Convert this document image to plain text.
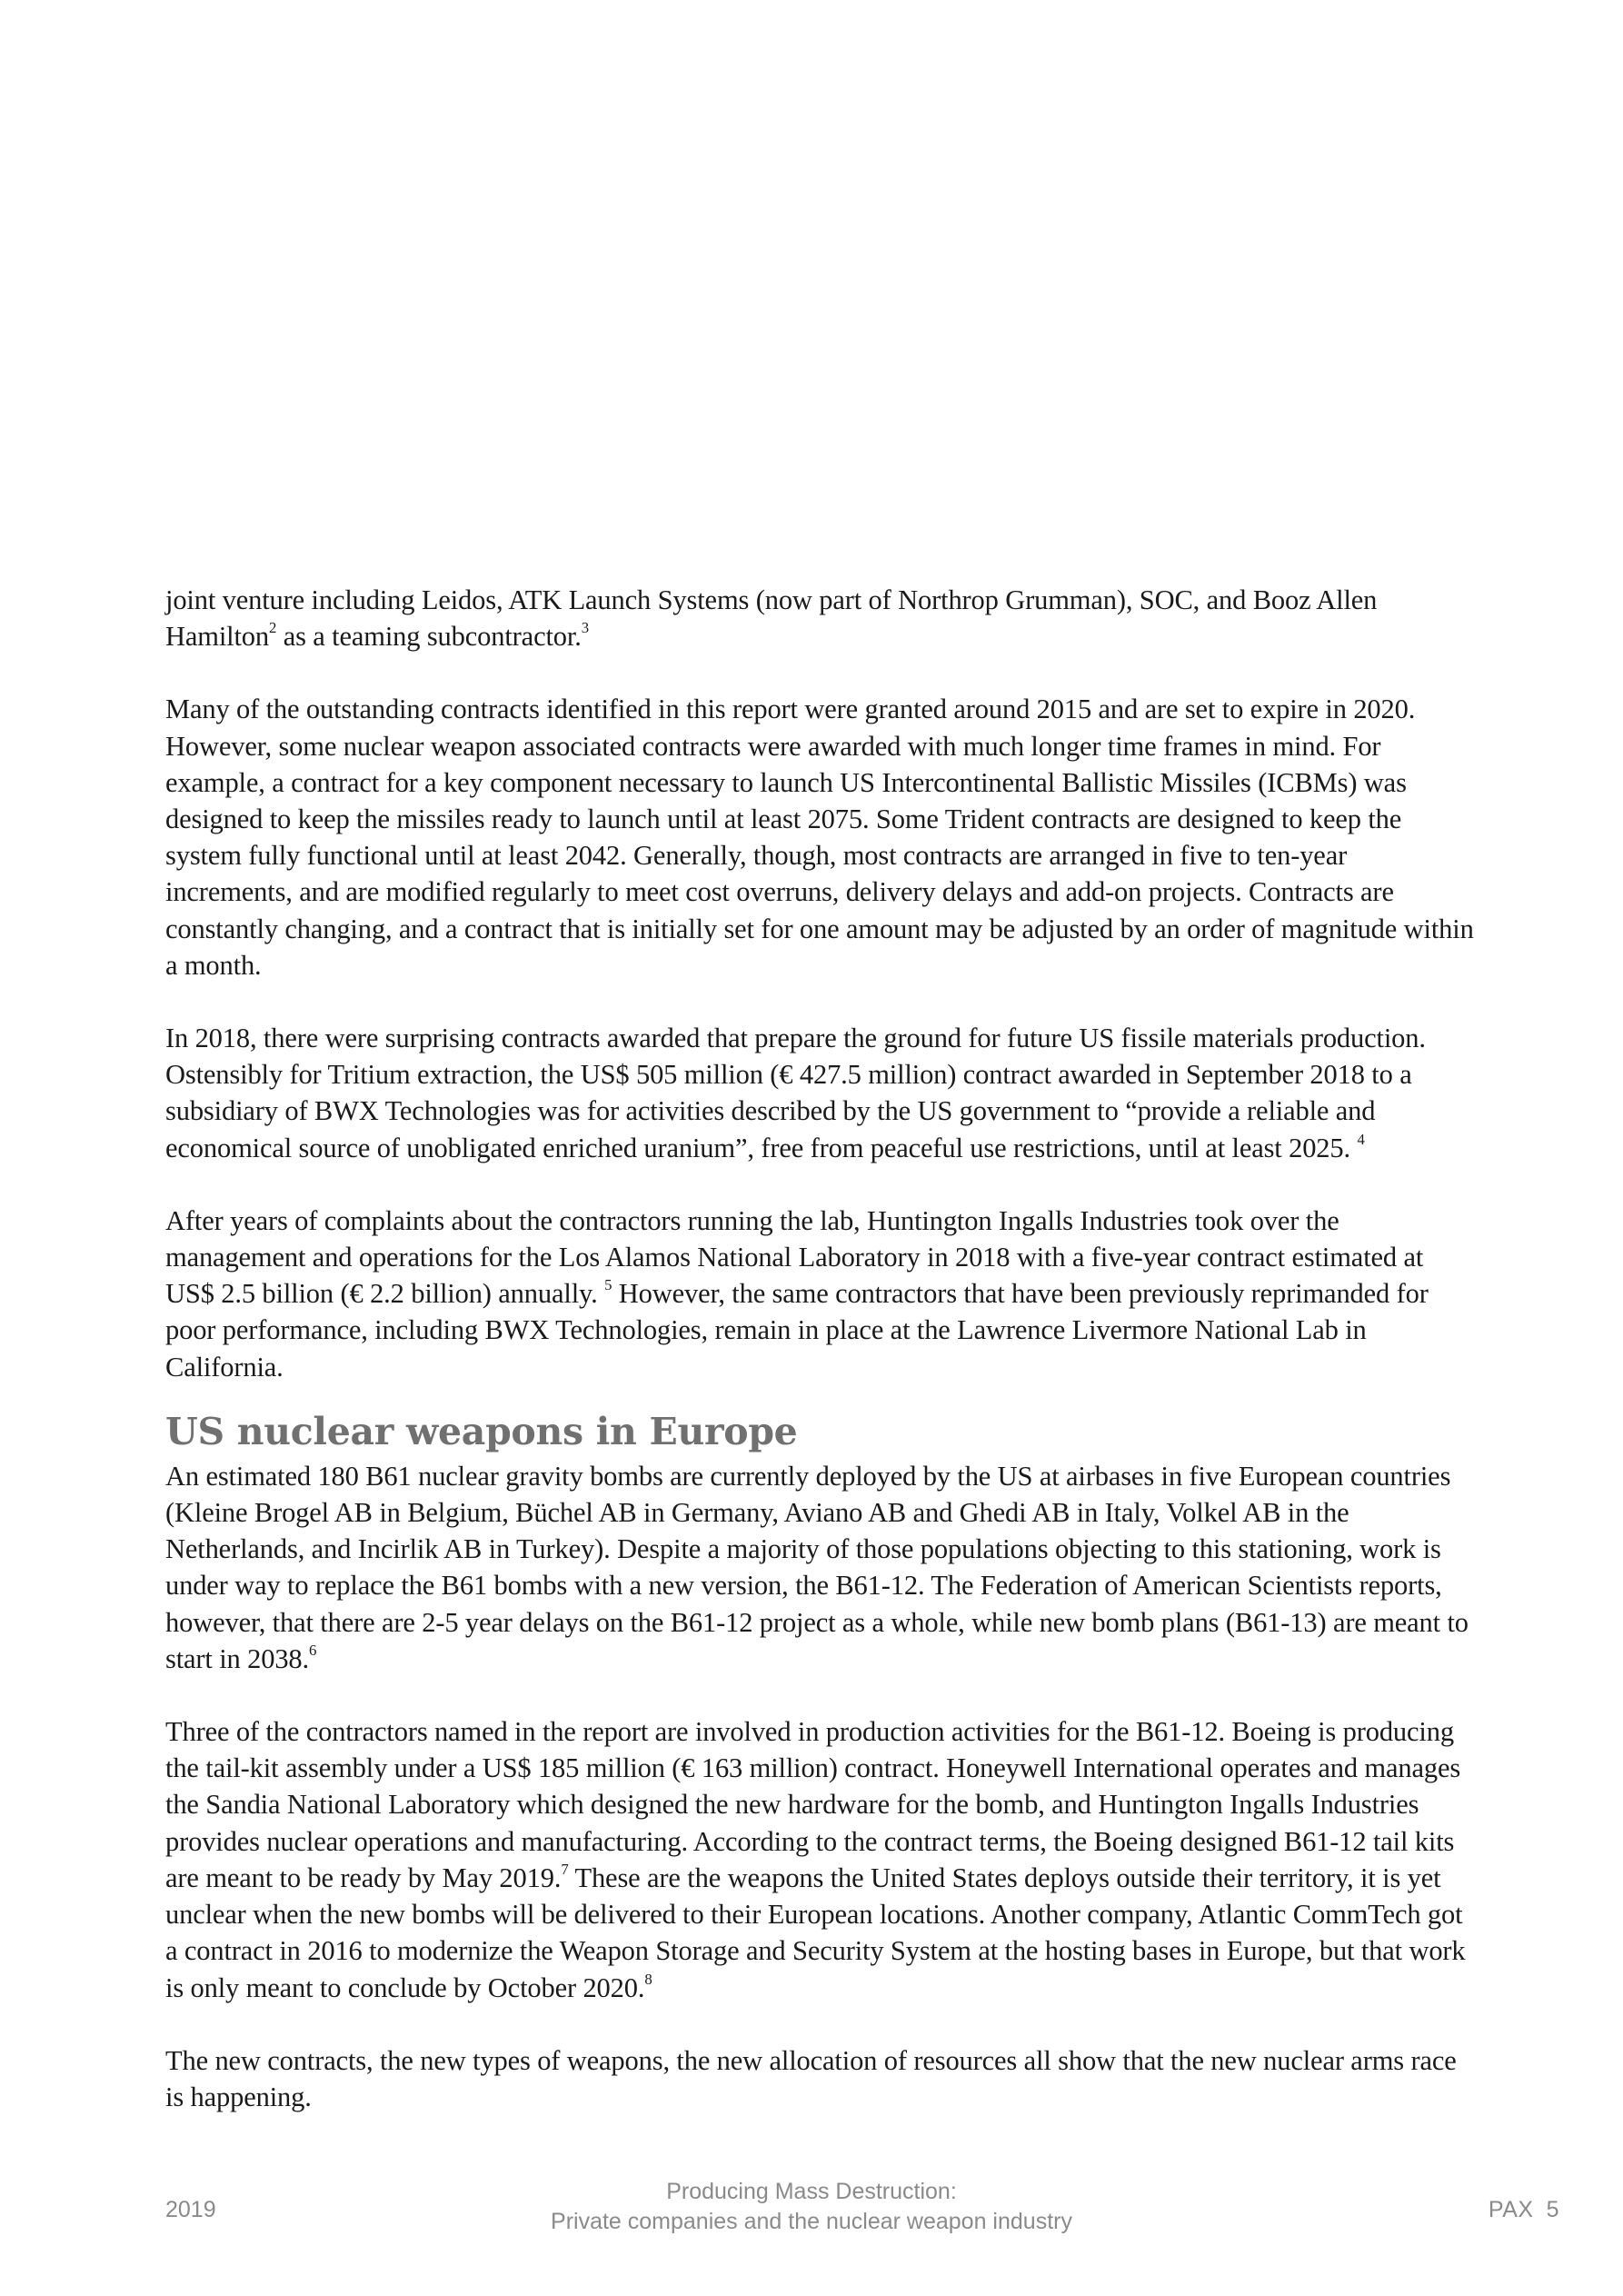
joint venture including Leidos, ATK Launch Systems (now part of Northrop Grumman), SOC, and Booz Allen Hamilton$^2$ as a teaming subcontractor.$^3$

Many of the outstanding contracts identified in this report were granted around 2015 and are set to expire in 2020. However, some nuclear weapon associated contracts were awarded with much longer time frames in mind. For example, a contract for a key component necessary to launch US Intercontinental Ballistic Missiles (ICBMs) was designed to keep the missiles ready to launch until at least 2075. Some Trident contracts are designed to keep the system fully functional until at least 2042. Generally, though, most contracts are arranged in five to ten-year increments, and are modified regularly to meet cost overruns, delivery delays and add-on projects. Contracts are constantly changing, and a contract that is initially set for one amount may be adjusted by an order of magnitude within a month.

In 2018, there were surprising contracts awarded that prepare the ground for future US fissile materials production. Ostensibly for Tritium extraction, the US$ 505 million (€ 427.5 million) contract awarded in September 2018 to a subsidiary of BWX Technologies was for activities described by the US government to “provide a reliable and economical source of unobligated enriched uranium”, free from peaceful use restrictions, until at least 2025. $^4$

After years of complaints about the contractors running the lab, Huntington Ingalls Industries took over the management and operations for the Los Alamos National Laboratory in 2018 with a five-year contract estimated at US$ 2.5 billion (€ 2.2 billion) annually. $^5$ However, the same contractors that have been previously reprimanded for poor performance, including BWX Technologies, remain in place at the Lawrence Livermore National Lab in California.

US nuclear weapons in Europe

An estimated 180 B61 nuclear gravity bombs are currently deployed by the US at airbases in five European countries (Kleine Brogel AB in Belgium, Büchel AB in Germany, Aviano AB and Ghedi AB in Italy, Volkel AB in the Netherlands, and Incirlik AB in Turkey). Despite a majority of those populations objecting to this stationing, work is under way to replace the B61 bombs with a new version, the B61-12. The Federation of American Scientists reports, however, that there are 2-5 year delays on the B61-12 project as a whole, while new bomb plans (B61-13) are meant to start in 2038.$^6$

Three of the contractors named in the report are involved in production activities for the B61-12. Boeing is producing the tail-kit assembly under a US$ 185 million (€ 163 million) contract. Honeywell International operates and manages the Sandia National Laboratory which designed the new hardware for the bomb, and Huntington Ingalls Industries provides nuclear operations and manufacturing. According to the contract terms, the Boeing designed B61-12 tail kits are meant to be ready by May 2019.$^7$ These are the weapons the United States deploys outside their territory, it is yet unclear when the new bombs will be delivered to their European locations. Another company, Atlantic CommTech got a contract in 2016 to modernize the Weapon Storage and Security System at the hosting bases in Europe, but that work is only meant to conclude by October 2020.$^8$

The new contracts, the new types of weapons, the new allocation of resources all show that the new nuclear arms race is happening.

2019
Producing Mass Destruction:
Private companies and the nuclear weapon industry	PAX 5
